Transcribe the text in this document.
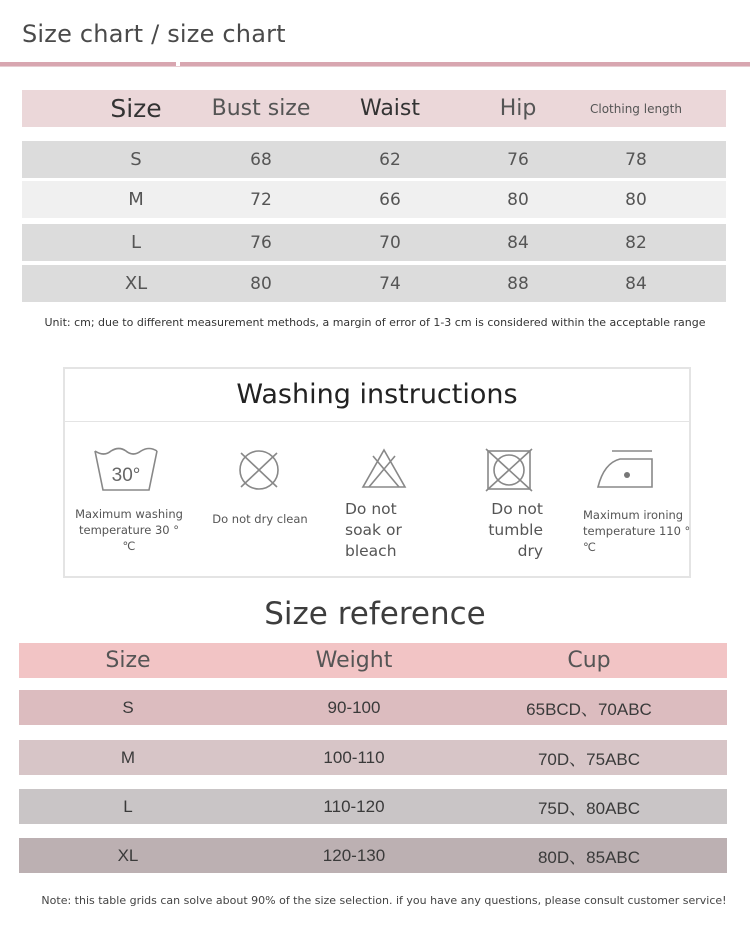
Size chart / size chart
Size	Bust size	Waist	Hip	Clothing length
S	68	62	76	78
M	72	66	80	80
L	76	70	84	82
XL	80	74	88	84
Unit: cm; due to different measurement methods, a margin of error of 1-3 cm is considered within the acceptable range
Washing instructions
30°
Maximum washing temperature 30 ° ℃
Do not dry clean
Do not soak or bleach
Do not tumble dry
Maximum ironing temperature 110 ° ℃
Size reference
Size	Weight	Cup
S	90-100	65BCD、70ABC
M	100-110	70D、75ABC
L	110-120	75D、80ABC
XL	120-130	80D、85ABC
Note: this table grids can solve about 90% of the size selection. if you have any questions, please consult customer service!
